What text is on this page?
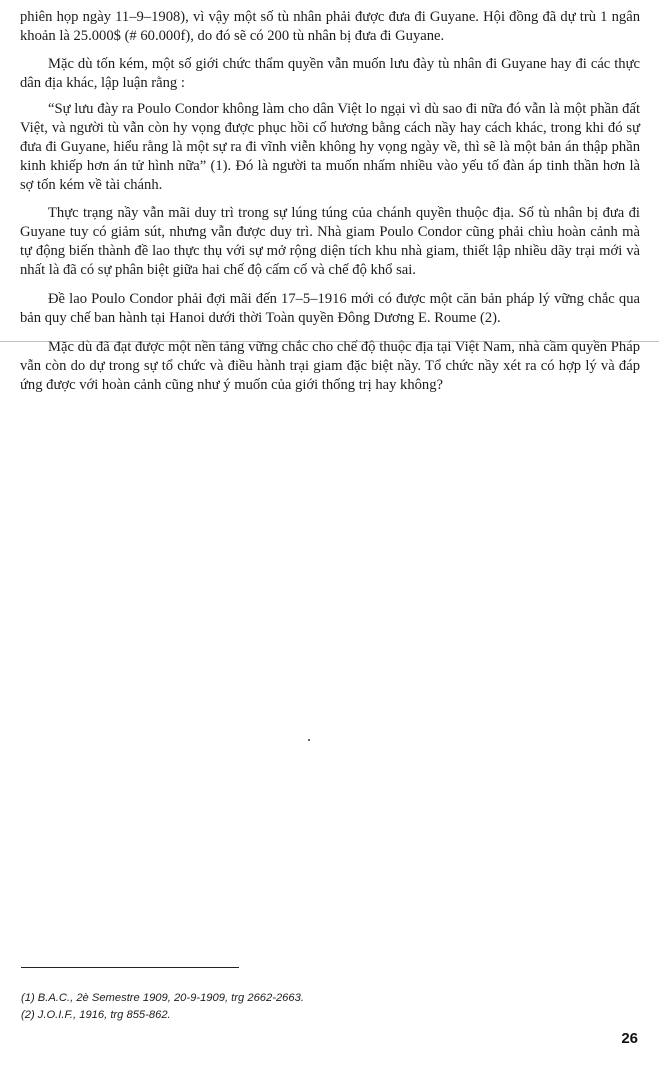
phiên họp ngày 11–9–1908), vì vậy một số tù nhân phải được đưa đi Guyane. Hội đồng đã dự trù 1 ngân khoản là 25.000$ (# 60.000f), do đó sẽ có 200 tù nhân bị đưa đi Guyane.

Mặc dù tốn kém, một số giới chức thẩm quyền vẫn muốn lưu đày tù nhân đi Guyane hay đi các thực dân địa khác, lập luận rằng :

“Sự lưu đày ra Poulo Condor không làm cho dân Việt lo ngại vì dù sao đi nữa đó vẫn là một phần đất Việt, và người tù vẫn còn hy vọng được phục hồi cố hương bằng cách nầy hay cách khác, trong khi đó sự đưa đi Guyane, hiểu rằng là một sự ra đi vĩnh viễn không hy vọng ngày về, thì sẽ là một bản án thập phần kinh khiếp hơn án tử hình nữa” (1). Đó là người ta muốn nhấm nhiều vào yếu tố đàn áp tinh thần hơn là sợ tốn kém về tài chánh.

Thực trạng nầy vẫn mãi duy trì trong sự lúng túng của chánh quyền thuộc địa. Số tù nhân bị đưa đi Guyane tuy có giảm sút, nhưng vẫn được duy trì. Nhà giam Poulo Condor cũng phải chìu hoàn cảnh mà tự động biến thành đề lao thực thụ với sự mở rộng diện tích khu nhà giam, thiết lập nhiều dãy trại mới và nhất là đã có sự phân biệt giữa hai chế độ cấm cố và chế độ khổ sai.

Đề lao Poulo Condor phải đợi mãi đến 17–5–1916 mới có được một căn bản pháp lý vững chắc qua bản quy chế ban hành tại Hanoi dưới thời Toàn quyền Đông Dương E. Roume (2).

Mặc dù đã đạt được một nền tảng vững chắc cho chế độ thuộc địa tại Việt Nam, nhà cầm quyền Pháp vẫn còn do dự trong sự tổ chức và điều hành trại giam đặc biệt nầy. Tổ chức nầy xét ra có hợp lý và đáp ứng được với hoàn cảnh cũng như ý muốn của giới thống trị hay không?

(1) B.A.C., 2è Semestre 1909, 20-9-1909, trg 2662-2663.

(2) J.O.I.F., 1916, trg 855-862.

26
